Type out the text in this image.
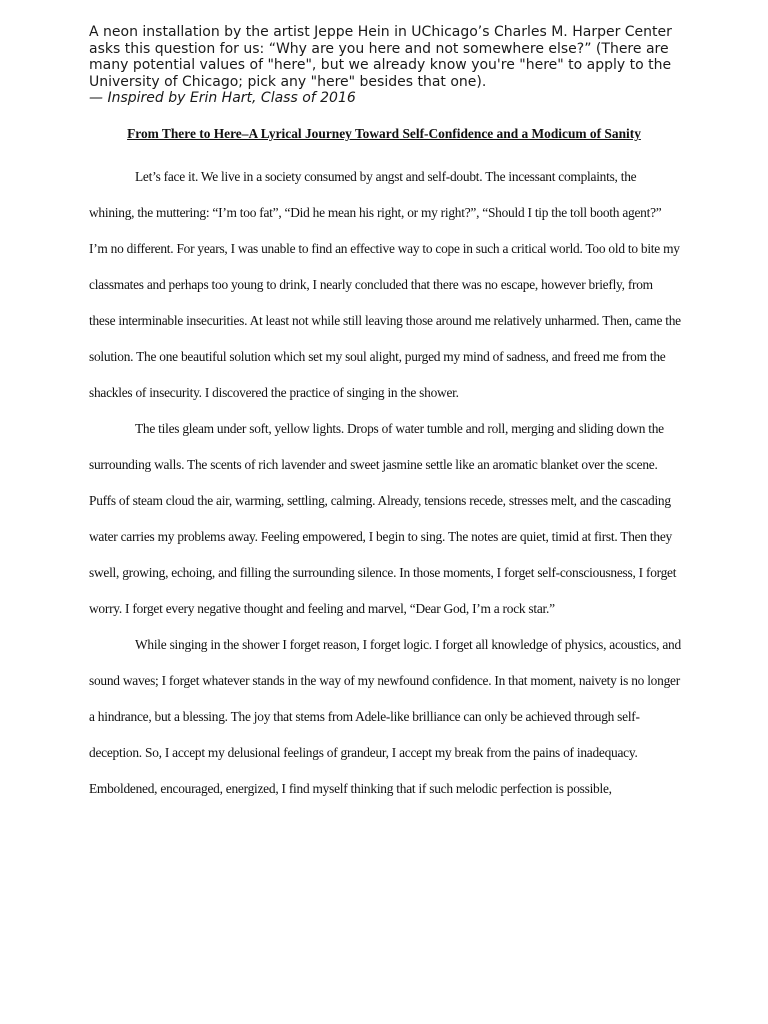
A neon installation by the artist Jeppe Hein in UChicago’s Charles M. Harper Center asks this question for us: “Why are you here and not somewhere else?” (There are many potential values of "here", but we already know you're "here" to apply to the University of Chicago; pick any "here" besides that one).
— Inspired by Erin Hart, Class of 2016
From There to Here–A Lyrical Journey Toward Self-Confidence and a Modicum of Sanity

Let’s face it. We live in a society consumed by angst and self-doubt. The incessant complaints, the whining, the muttering: “I’m too fat”, “Did he mean his right, or my right?”, “Should I tip the toll booth agent?” I’m no different. For years, I was unable to find an effective way to cope in such a critical world. Too old to bite my classmates and perhaps too young to drink, I nearly concluded that there was no escape, however briefly, from these interminable insecurities. At least not while still leaving those around me relatively unharmed. Then, came the solution. The one beautiful solution which set my soul alight, purged my mind of sadness, and freed me from the shackles of insecurity. I discovered the practice of singing in the shower.

The tiles gleam under soft, yellow lights. Drops of water tumble and roll, merging and sliding down the surrounding walls. The scents of rich lavender and sweet jasmine settle like an aromatic blanket over the scene. Puffs of steam cloud the air, warming, settling, calming. Already, tensions recede, stresses melt, and the cascading water carries my problems away. Feeling empowered, I begin to sing. The notes are quiet, timid at first. Then they swell, growing, echoing, and filling the surrounding silence. In those moments, I forget self-consciousness, I forget worry. I forget every negative thought and feeling and marvel, “Dear God, I’m a rock star.”

While singing in the shower I forget reason, I forget logic. I forget all knowledge of physics, acoustics, and sound waves; I forget whatever stands in the way of my newfound confidence. In that moment, naivety is no longer a hindrance, but a blessing. The joy that stems from Adele-like brilliance can only be achieved through self-deception. So, I accept my delusional feelings of grandeur, I accept my break from the pains of inadequacy. Emboldened, encouraged, energized, I find myself thinking that if such melodic perfection is possible,
